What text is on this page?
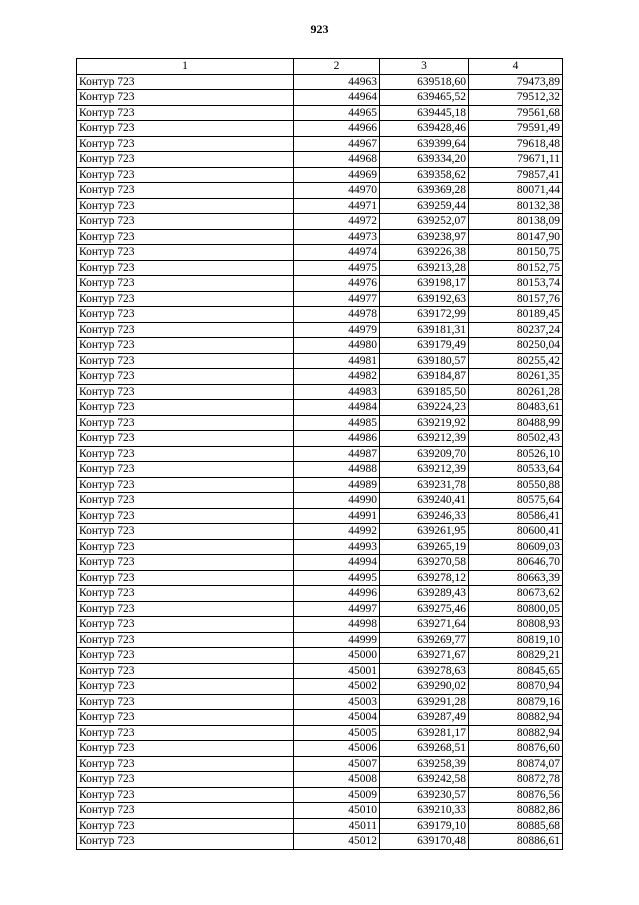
923
1	2	3	4
Контур 723	44963	639518,60	79473,89
Контур 723	44964	639465,52	79512,32
Контур 723	44965	639445,18	79561,68
Контур 723	44966	639428,46	79591,49
Контур 723	44967	639399,64	79618,48
Контур 723	44968	639334,20	79671,11
Контур 723	44969	639358,62	79857,41
Контур 723	44970	639369,28	80071,44
Контур 723	44971	639259,44	80132,38
Контур 723	44972	639252,07	80138,09
Контур 723	44973	639238,97	80147,90
Контур 723	44974	639226,38	80150,75
Контур 723	44975	639213,28	80152,75
Контур 723	44976	639198,17	80153,74
Контур 723	44977	639192,63	80157,76
Контур 723	44978	639172,99	80189,45
Контур 723	44979	639181,31	80237,24
Контур 723	44980	639179,49	80250,04
Контур 723	44981	639180,57	80255,42
Контур 723	44982	639184,87	80261,35
Контур 723	44983	639185,50	80261,28
Контур 723	44984	639224,23	80483,61
Контур 723	44985	639219,92	80488,99
Контур 723	44986	639212,39	80502,43
Контур 723	44987	639209,70	80526,10
Контур 723	44988	639212,39	80533,64
Контур 723	44989	639231,78	80550,88
Контур 723	44990	639240,41	80575,64
Контур 723	44991	639246,33	80586,41
Контур 723	44992	639261,95	80600,41
Контур 723	44993	639265,19	80609,03
Контур 723	44994	639270,58	80646,70
Контур 723	44995	639278,12	80663,39
Контур 723	44996	639289,43	80673,62
Контур 723	44997	639275,46	80800,05
Контур 723	44998	639271,64	80808,93
Контур 723	44999	639269,77	80819,10
Контур 723	45000	639271,67	80829,21
Контур 723	45001	639278,63	80845,65
Контур 723	45002	639290,02	80870,94
Контур 723	45003	639291,28	80879,16
Контур 723	45004	639287,49	80882,94
Контур 723	45005	639281,17	80882,94
Контур 723	45006	639268,51	80876,60
Контур 723	45007	639258,39	80874,07
Контур 723	45008	639242,58	80872,78
Контур 723	45009	639230,57	80876,56
Контур 723	45010	639210,33	80882,86
Контур 723	45011	639179,10	80885,68
Контур 723	45012	639170,48	80886,61
